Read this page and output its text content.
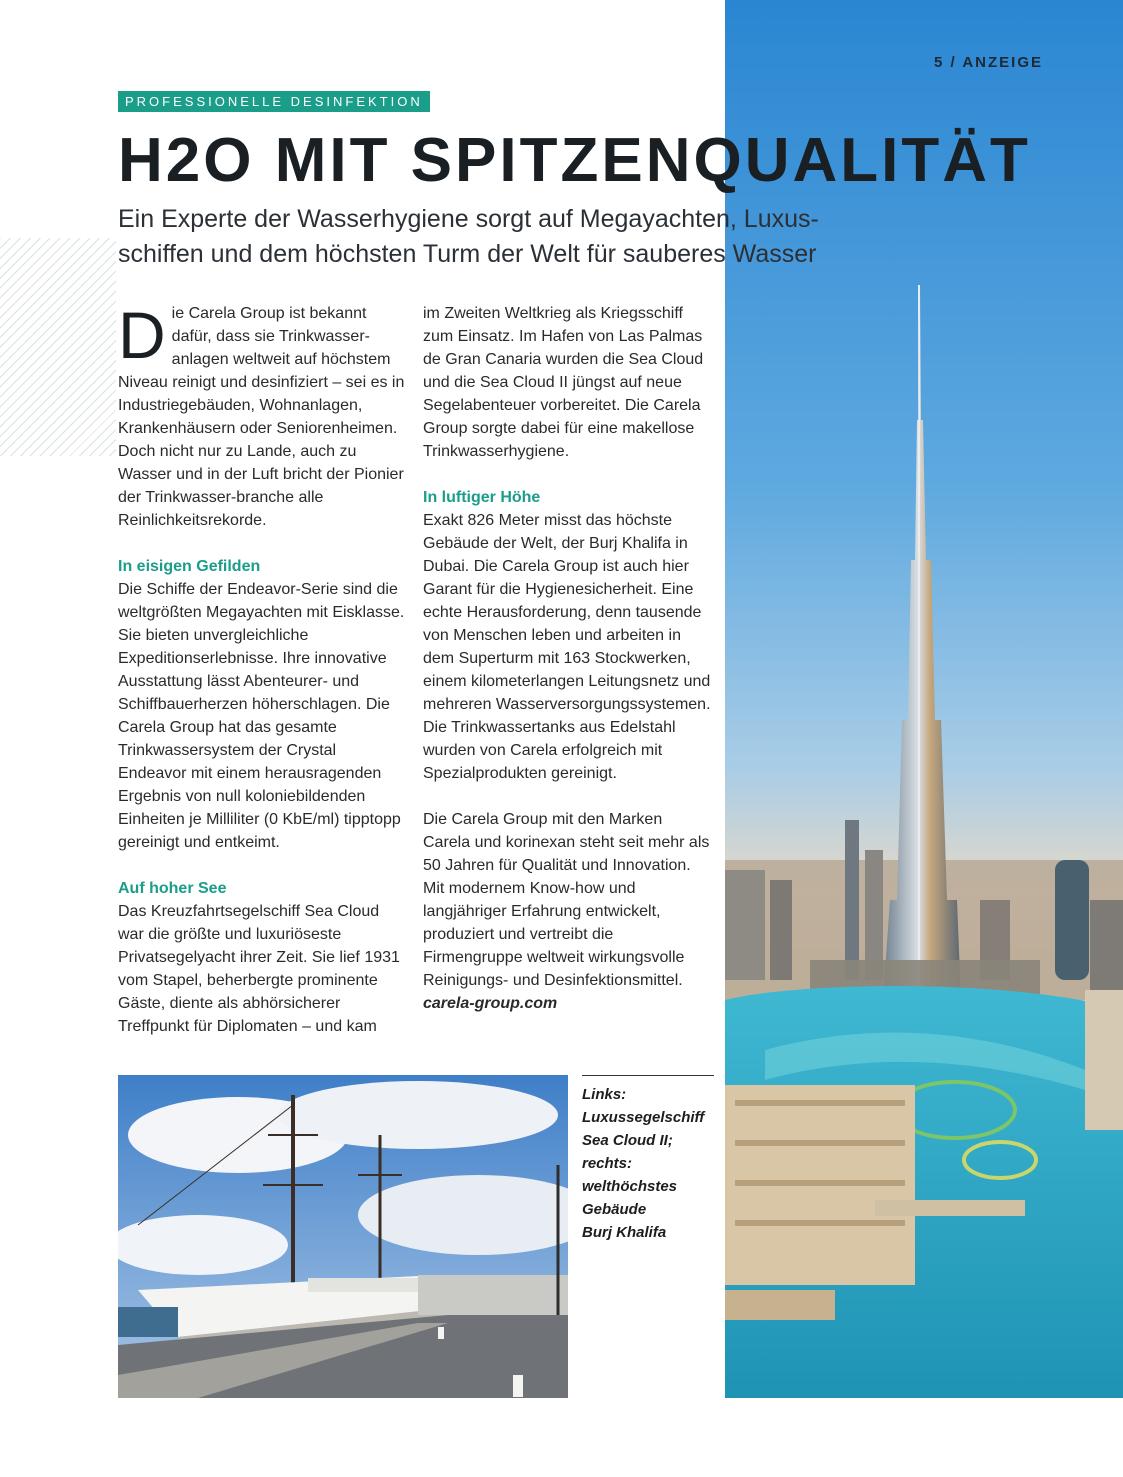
5 / ANZEIGE
PROFESSIONELLE DESINFEKTION
H2O MIT SPITZENQUALITÄT
Ein Experte der Wasserhygiene sorgt auf Megayachten, Luxus-
schiffen und dem höchsten Turm der Welt für sauberes Wasser

Die Carela Group ist bekannt dafür, dass sie Trinkwasser-anlagen weltweit auf höchstem Niveau reinigt und desinfiziert – sei es in Industriegebäuden, Wohnanlagen, Krankenhäusern oder Seniorenheimen. Doch nicht nur zu Lande, auch zu Wasser und in der Luft bricht der Pionier der Trinkwasser-branche alle Reinlichkeitsrekorde.

In eisigen Gefilden

Die Schiffe der Endeavor-Serie sind die weltgrößten Megayachten mit Eisklasse. Sie bieten unvergleichliche Expeditionserlebnisse. Ihre innovative Ausstattung lässt Abenteurer- und Schiffbauerherzen höherschlagen. Die Carela Group hat das gesamte Trinkwassersystem der Crystal Endeavor mit einem herausragenden Ergebnis von null koloniebildenden Einheiten je Milliliter (0 KbE/ml) tipptopp gereinigt und entkeimt.

Auf hoher See

Das Kreuzfahrtsegelschiff Sea Cloud war die größte und luxuriöseste Privatsegelyacht ihrer Zeit. Sie lief 1931 vom Stapel, beherbergte prominente Gäste, diente als abhörsicherer Treffpunkt für Diplomaten – und kam

im Zweiten Weltkrieg als Kriegsschiff zum Einsatz. Im Hafen von Las Palmas de Gran Canaria wurden die Sea Cloud und die Sea Cloud II jüngst auf neue Segelabenteuer vorbereitet. Die Carela Group sorgte dabei für eine makellose Trinkwasserhygiene.

In luftiger Höhe

Exakt 826 Meter misst das höchste Gebäude der Welt, der Burj Khalifa in Dubai. Die Carela Group ist auch hier Garant für die Hygienesicherheit. Eine echte Herausforderung, denn tausende von Menschen leben und arbeiten in dem Superturm mit 163 Stockwerken, einem kilometerlangen Leitungsnetz und mehreren Wasserversorgungssystemen. Die Trinkwassertanks aus Edelstahl wurden von Carela erfolgreich mit Spezialprodukten gereinigt.

Die Carela Group mit den Marken Carela und korinexan steht seit mehr als 50 Jahren für Qualität und Innovation. Mit modernem Know-how und langjähriger Erfahrung entwickelt, produziert und vertreibt die Firmengruppe weltweit wirkungsvolle Reinigungs- und Desinfektionsmittel. carela-group.com

Links:
Luxussegelschiff
Sea Cloud II;
rechts:
welthöchstes
Gebäude
Burj Khalifa
